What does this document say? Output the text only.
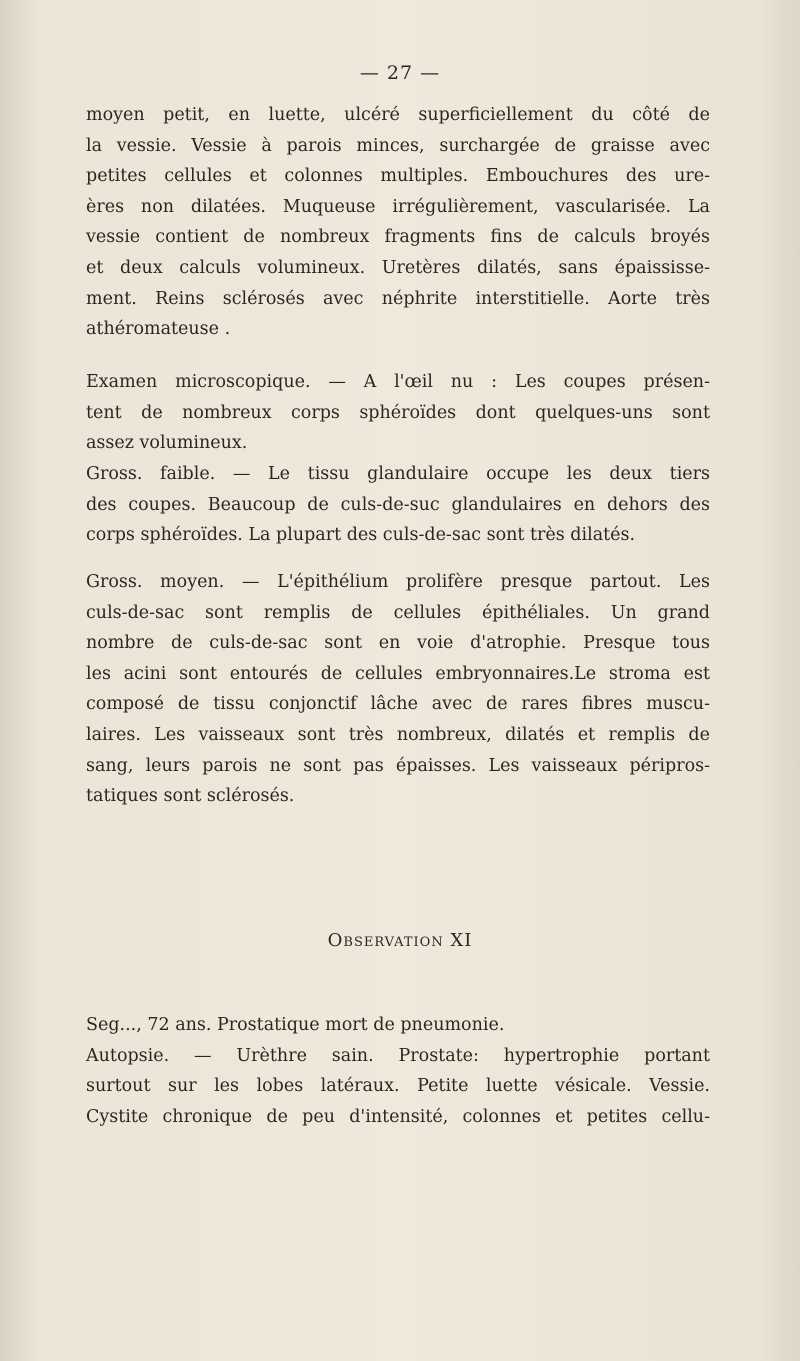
— 27 —
moyen petit, en luette, ulcéré superficiellement du côté de
la vessie. Vessie à parois minces, surchargée de graisse avec
petites cellules et colonnes multiples. Embouchures des ure-
ères non dilatées. Muqueuse irrégulièrement, vascularisée. La
vessie contient de nombreux fragments fins de calculs broyés
et deux calculs volumineux. Uretères dilatés, sans épaississe-
ment. Reins sclérosés avec néphrite interstitielle. Aorte très
athéromateuse .
Examen microscopique. — A l'œil nu : Les coupes présen-
tent de nombreux corps sphéroïdes dont quelques-uns sont
assez volumineux.
Gross. faible. — Le tissu glandulaire occupe les deux tiers
des coupes. Beaucoup de culs-de-suc glandulaires en dehors des
corps sphéroïdes. La plupart des culs-de-sac sont très dilatés.
Gross. moyen. — L'épithélium prolifère presque partout. Les
culs-de-sac sont remplis de cellules épithéliales. Un grand
nombre de culs-de-sac sont en voie d'atrophie. Presque tous
les acini sont entourés de cellules embryonnaires.Le stroma est
composé de tissu conjonctif lâche avec de rares fibres muscu-
laires. Les vaisseaux sont très nombreux, dilatés et remplis de
sang, leurs parois ne sont pas épaisses. Les vaisseaux péripros-
tatiques sont sclérosés.
Observation XI
Seg..., 72 ans. Prostatique mort de pneumonie.
Autopsie. — Urèthre sain. Prostate: hypertrophie portant
surtout sur les lobes latéraux. Petite luette vésicale. Vessie.
Cystite chronique de peu d'intensité, colonnes et petites cellu-
